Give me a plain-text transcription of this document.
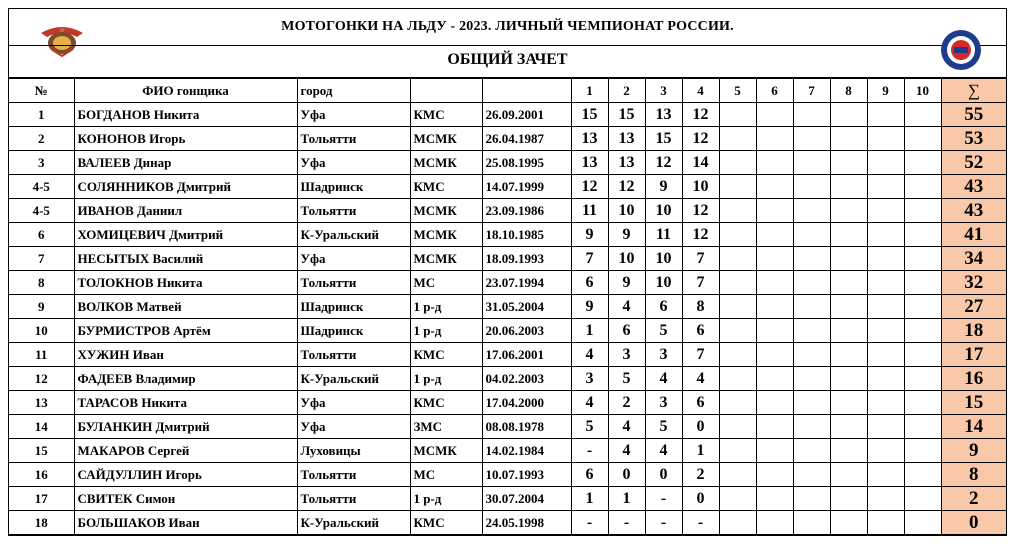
☆	МОТОГОНКИ НА ЛЬДУ - 2023. ЛИЧНЫЙ ЧЕМПИОНАТ РОССИИ.
ОБЩИЙ ЗАЧЕТ
№	ФИО гонщика	город			1	2	3	4	5	6	7	8	9	10	∑
1	БОГДАНОВ Никита	Уфа	КМС	26.09.2001	15	15	13	12							55
2	КОНОНОВ Игорь	Тольятти	МСМК	26.04.1987	13	13	15	12							53
3	ВАЛЕЕВ Динар	Уфа	МСМК	25.08.1995	13	13	12	14							52
4-5	СОЛЯННИКОВ Дмитрий	Шадринск	КМС	14.07.1999	12	12	9	10							43
4-5	ИВАНОВ Даниил	Тольятти	МСМК	23.09.1986	11	10	10	12							43
6	ХОМИЦЕВИЧ Дмитрий	К-Уральский	МСМК	18.10.1985	9	9	11	12							41
7	НЕСЫТЫХ Василий	Уфа	МСМК	18.09.1993	7	10	10	7							34
8	ТОЛОКНОВ Никита	Тольятти	МС	23.07.1994	6	9	10	7							32
9	ВОЛКОВ Матвей	Шадринск	1 р-д	31.05.2004	9	4	6	8							27
10	БУРМИСТРОВ Артём	Шадринск	1 р-д	20.06.2003	1	6	5	6							18
11	ХУЖИН Иван	Тольятти	КМС	17.06.2001	4	3	3	7							17
12	ФАДЕЕВ Владимир	К-Уральский	1 р-д	04.02.2003	3	5	4	4							16
13	ТАРАСОВ Никита	Уфа	КМС	17.04.2000	4	2	3	6							15
14	БУЛАНКИН Дмитрий	Уфа	ЗМС	08.08.1978	5	4	5	0							14
15	МАКАРОВ Сергей	Луховицы	МСМК	14.02.1984	-	4	4	1							9
16	САЙДУЛЛИН Игорь	Тольятти	МС	10.07.1993	6	0	0	2							8
17	СВИТЕК Симон	Тольятти	1 р-д	30.07.2004	1	1	-	0							2
18	БОЛЬШАКОВ Иван	К-Уральский	КМС	24.05.1998	-	-	-	-							0
